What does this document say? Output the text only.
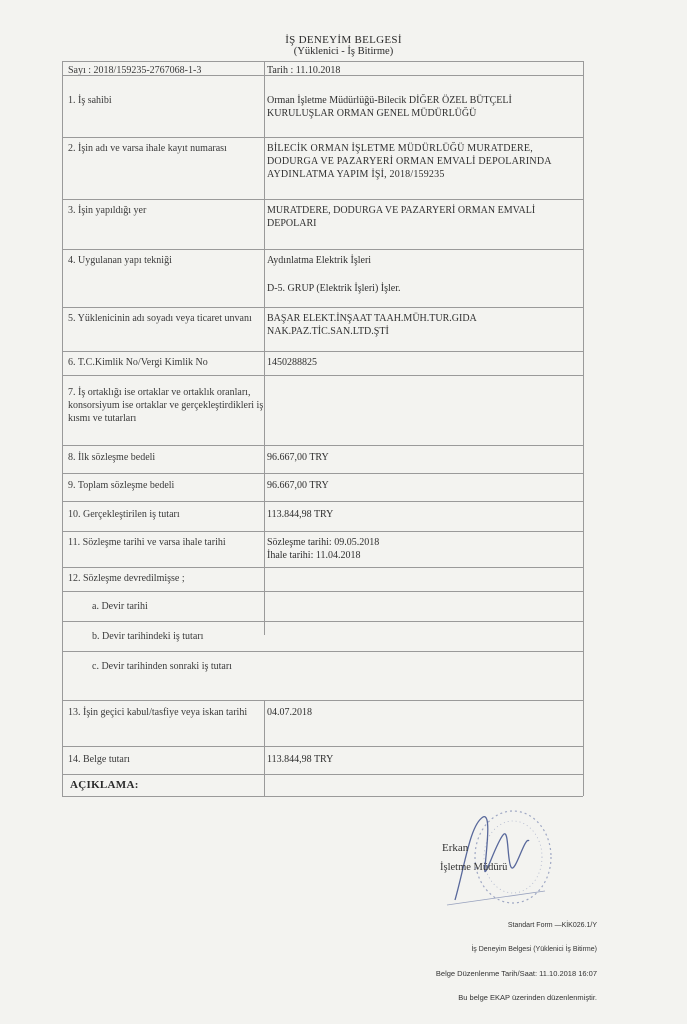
İŞ DENEYİM BELGESİ
(Yüklenici - İş Bitirme)
Sayı : 2018/159235-2767068-1-3	Tarih : 11.10.2018
1. İş sahibi	Orman İşletme Müdürlüğü-Bilecik DİĞER ÖZEL BÜTÇELİ KURULUŞLAR ORMAN GENEL MÜDÜRLÜĞÜ
2. İşin adı ve varsa ihale kayıt numarası	BİLECİK ORMAN İŞLETME MÜDÜRLÜĞÜ MURATDERE, DODURGA VE PAZARYERİ ORMAN EMVALİ DEPOLARINDA AYDINLATMA YAPIM İŞİ, 2018/159235
3. İşin yapıldığı yer	MURATDERE, DODURGA VE PAZARYERİ ORMAN EMVALİ DEPOLARI
4. Uygulanan yapı tekniği	Aydınlatma Elektrik İşleri
D-5. GRUP (Elektrik İşleri) İşler.
5. Yüklenicinin adı soyadı veya ticaret unvanı	BAŞAR ELEKT.İNŞAAT TAAH.MÜH.TUR.GIDA NAK.PAZ.TİC.SAN.LTD.ŞTİ
6. T.C.Kimlik No/Vergi Kimlik No	1450288825
7. İş ortaklığı ise ortaklar ve ortaklık oranları, konsorsiyum ise ortaklar ve gerçekleştirdikleri iş kısmı ve tutarları
8. İlk sözleşme bedeli	96.667,00 TRY
9. Toplam sözleşme bedeli	96.667,00 TRY
10. Gerçekleştirilen iş tutarı	113.844,98 TRY
11. Sözleşme tarihi ve varsa ihale tarihi	Sözleşme tarihi: 09.05.2018
İhale tarihi: 11.04.2018
12. Sözleşme devredilmişse ;
a. Devir tarihi
b. Devir tarihindeki iş tutarı
c. Devir tarihinden sonraki iş tutarı
13. İşin geçici kabul/tasfiye veya iskan tarihi	04.07.2018
14. Belge tutarı	113.844,98 TRY
AÇIKLAMA:
Erkan
İşletme Müdürü
Standart Form —KİK026.1/Y
İş Deneyim Belgesi (Yüklenici İş Bitirme)
Belge Düzenlenme Tarih/Saat: 11.10.2018 16:07
Bu belge EKAP üzerinden düzenlenmiştir.
